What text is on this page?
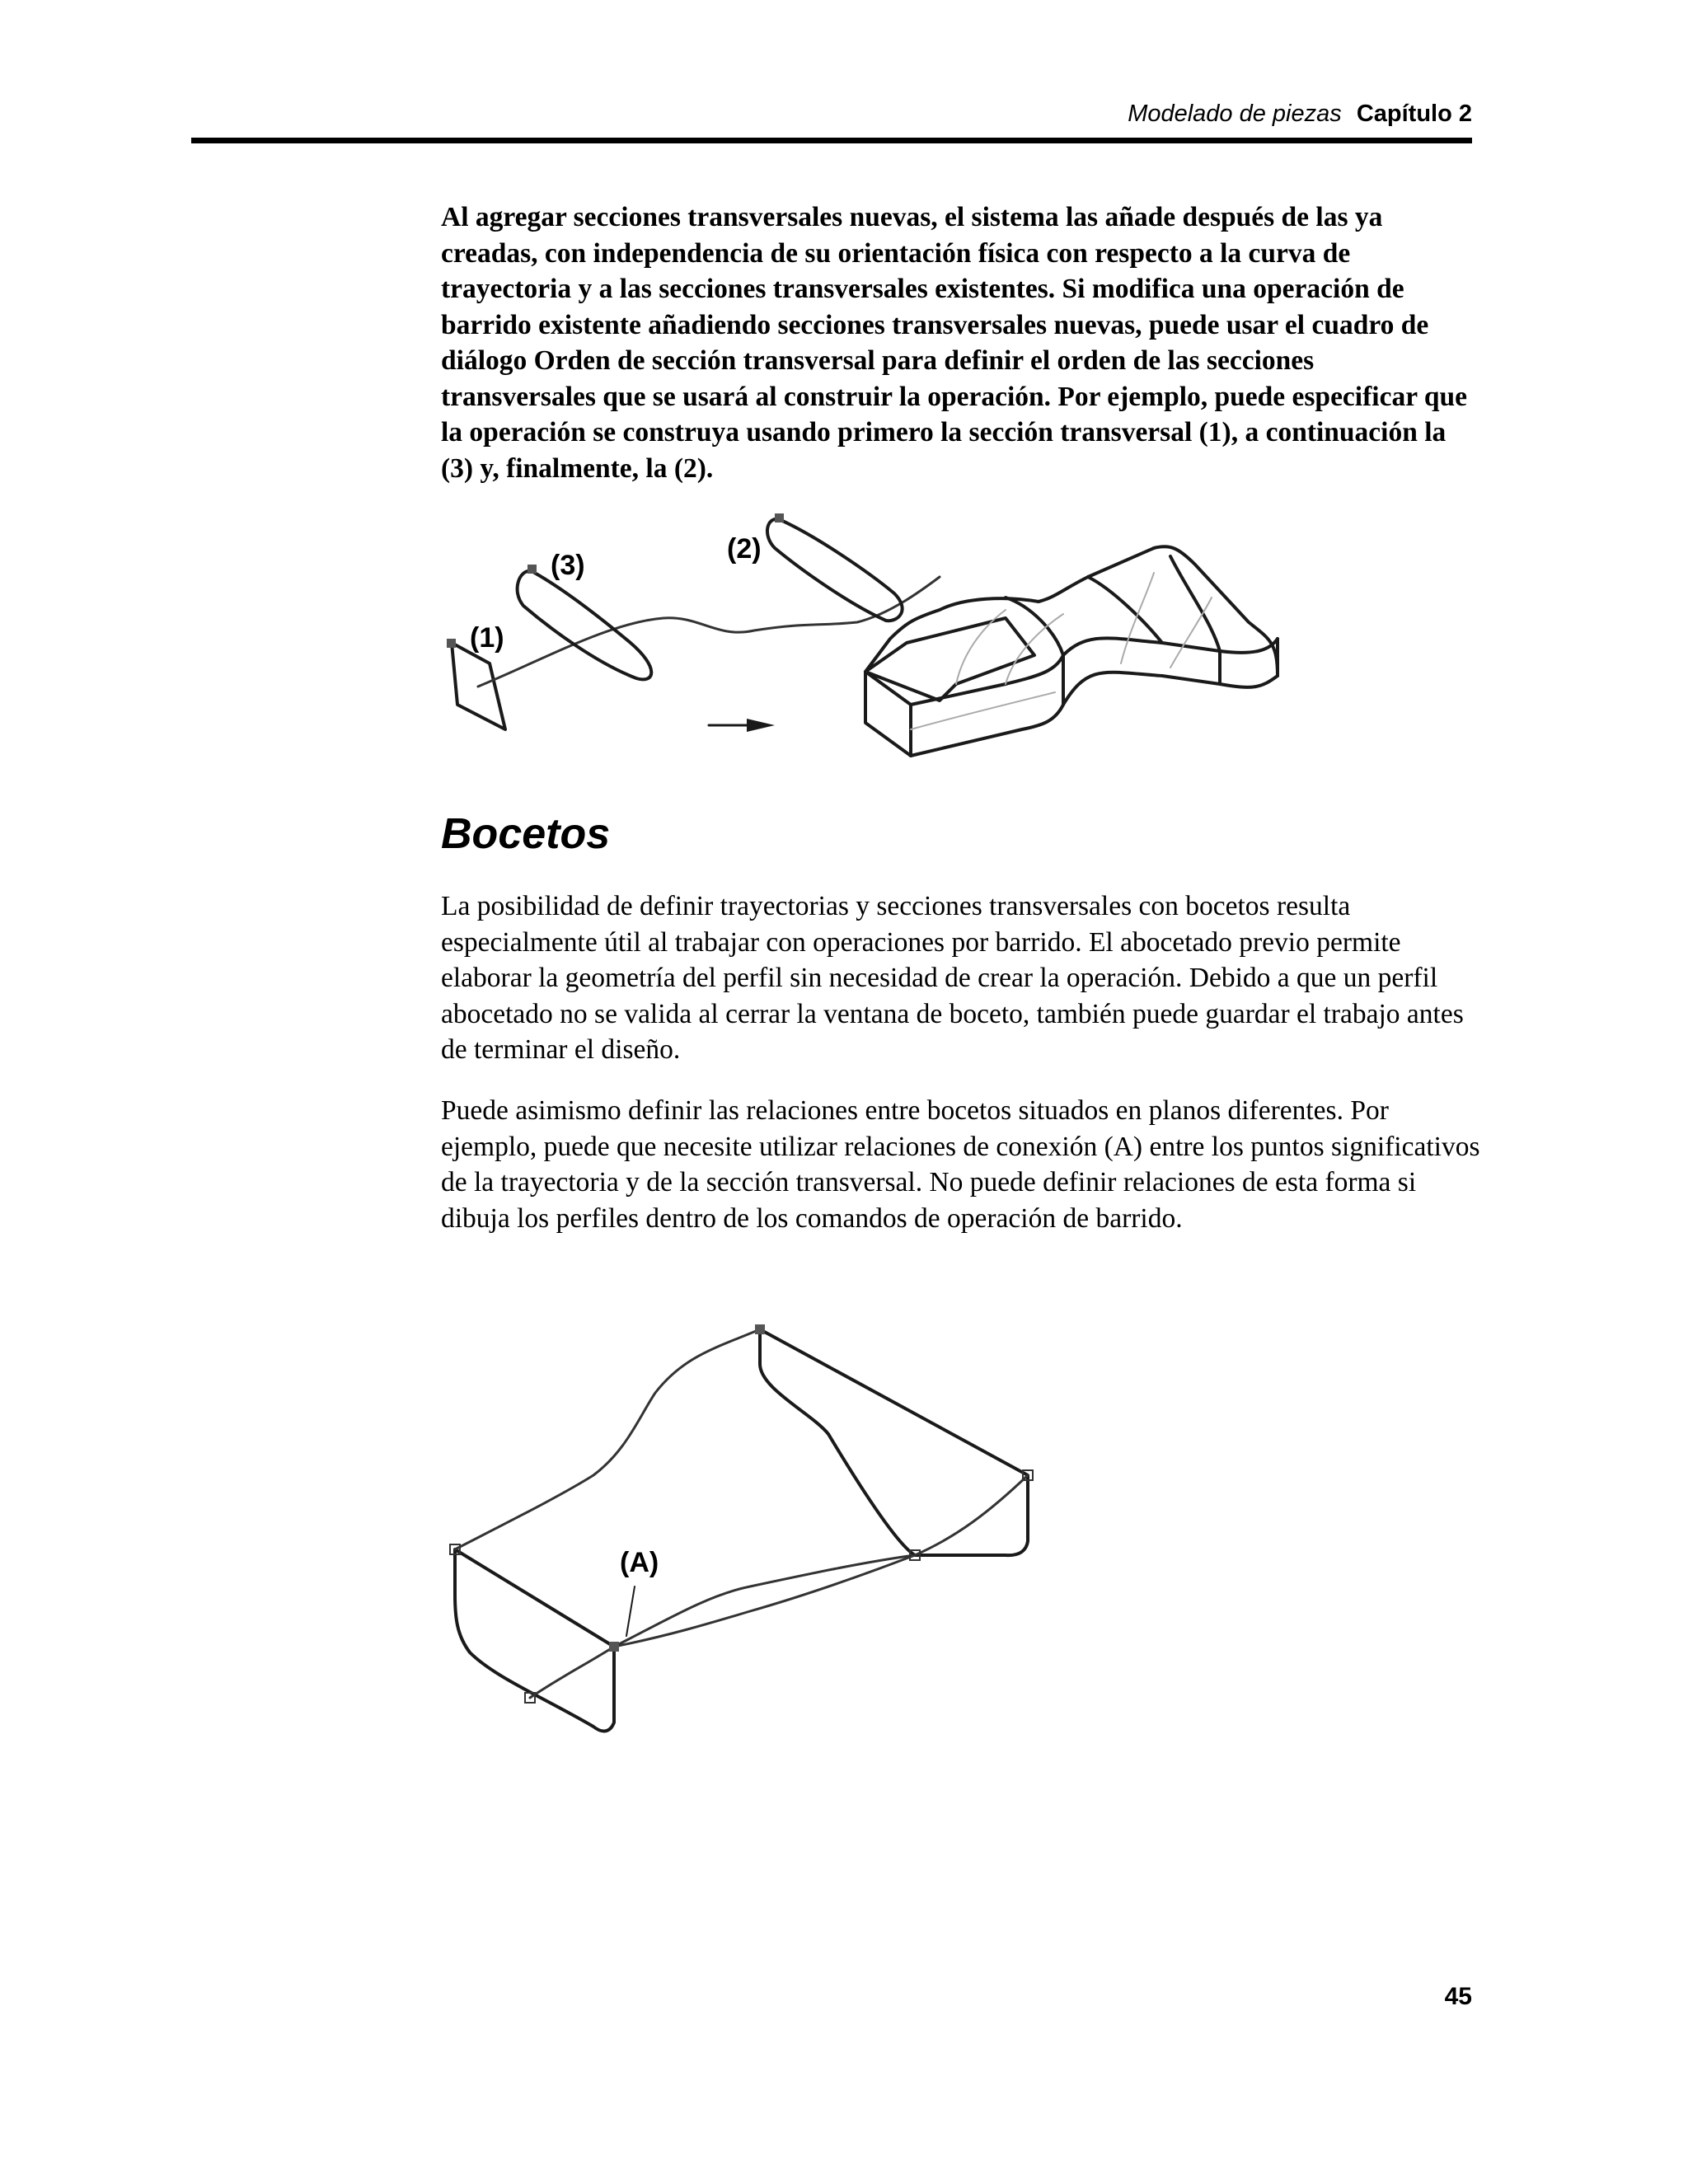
Modelado de piezas Capítulo 2
Al agregar secciones transversales nuevas, el sistema las añade después de las ya creadas, con independencia de su orientación física con respecto a la curva de trayectoria y a las secciones transversales existentes. Si modifica una operación de barrido existente añadiendo secciones transversales nuevas, puede usar el cuadro de diálogo Orden de sección transversal para definir el orden de las secciones transversales que se usará al construir la operación. Por ejemplo, puede especificar que la operación se construya usando primero la sección transversal (1), a continuación la (3) y, finalmente, la (2).
(1)
(3)
(2)
Bocetos
La posibilidad de definir trayectorias y secciones transversales con bocetos resulta especialmente útil al trabajar con operaciones por barrido. El abocetado previo permite elaborar la geometría del perfil sin necesidad de crear la operación. Debido a que un perfil abocetado no se valida al cerrar la ventana de boceto, también puede guardar el trabajo antes de terminar el diseño.
Puede asimismo definir las relaciones entre bocetos situados en planos diferentes. Por ejemplo, puede que necesite utilizar relaciones de conexión (A) entre los puntos significativos de la trayectoria y de la sección transversal. No puede definir relaciones de esta forma si dibuja los perfiles dentro de los comandos de operación de barrido.
(A)
45
